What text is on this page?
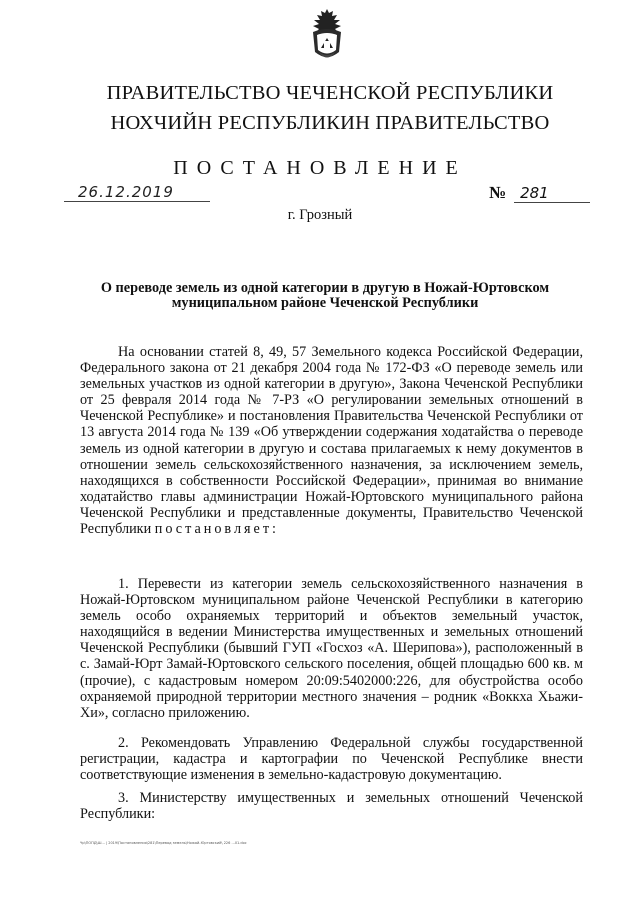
ПРАВИТЕЛЬСТВО ЧЕЧЕНСКОЙ РЕСПУБЛИКИ
НОХЧИЙН РЕСПУБЛИКИН ПРАВИТЕЛЬСТВО
ПОСТАНОВЛЕНИЕ
26.12.2019	№ 281
г. Грозный
О переводе земель из одной категории в другую в Ножай-Юртовском муниципальном районе Чеченской Республики
На основании статей 8, 49, 57 Земельного кодекса Российской Федерации, Федерального закона от 21 декабря 2004 года № 172-ФЗ «О переводе земель или земельных участков из одной категории в другую», Закона Чеченской Республики от 25 февраля 2014 года № 7-РЗ «О регулировании земельных отношений в Чеченской Республике» и постановления Правительства Чеченской Республики от 13 августа 2014 года № 139 «Об утверждении содержания ходатайства о переводе земель из одной категории в другую и состава прилагаемых к нему документов в отношении земель сельскохозяйственного назначения, за исключением земель, находящихся в собственности Российской Федерации», принимая во внимание ходатайство главы администрации Ножай-Юртовского муниципального района Чеченской Республики и представленные документы, Правительство Чеченской Республики постановляет:
1. Перевести из категории земель сельскохозяйственного назначения в Ножай-Юртовском муниципальном районе Чеченской Республики в категорию земель особо охраняемых территорий и объектов земельный участок, находящийся в ведении Министерства имущественных и земельных отношений Чеченской Республики (бывший ГУП «Госхоз «А. Шерипова»), расположенный в с. Замай-Юрт Замай-Юртовского сельского поселения, общей площадью 600 кв. м (прочие), с кадастровым номером 20:09:5402000:226, для обустройства особо охраняемой природной территории местного значения – родник «Воккха Хьажи-Хи», согласно приложению.
2. Рекомендовать Управлению Федеральной службы государственной регистрации, кадастра и картографии по Чеченской Республике внести соответствующие изменения в земельно-кадастровую документацию.
3. Министерству имущественных и земельных отношений Чеченской Республики:
Чр\ПОПД\Ш... | 2019\Постановления\281\Перевод земель\Ножай-Юртовский\ 226 ...01.doc
